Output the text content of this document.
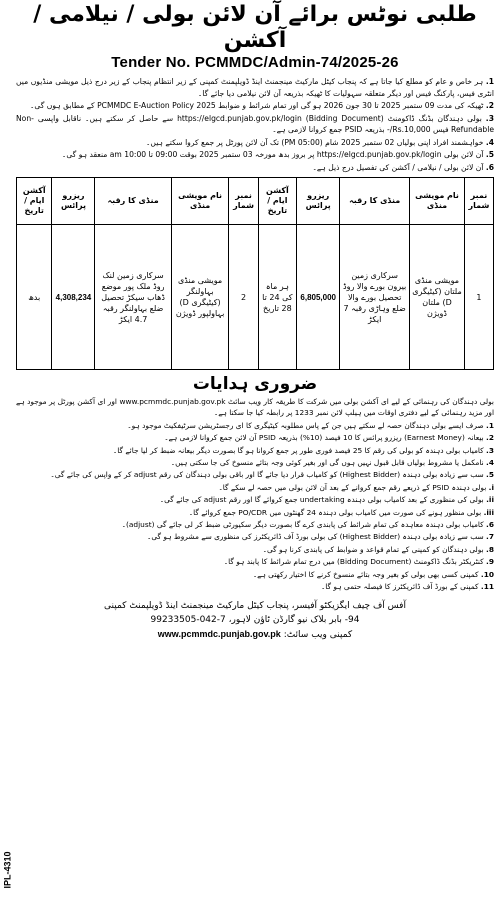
طلبی نوٹس برائے آن لائن بولی / نیلامی / آکشن
Tender No. PCMMDC/Admin-74/2025-26
1. ہر خاص و عام کو مطلع کیا جاتا ہے کہ پنجاب کیٹل مارکیٹ مینجمنٹ اینڈ ڈویلپمنٹ کمپنی کے زیر انتظام پنجاب کے زیر درج ذیل مویشی منڈیوں میں انٹری فیس، پارکنگ فیس اور دیگر متعلقہ سہولیات کا ٹھیکہ بذریعہ آن لائن نیلامی دیا جائے گا۔
2. ٹھیکہ کی مدت 09 ستمبر 2025 تا 30 جون 2026 ہو گی اور تمام شرائط و ضوابط PCMMDC E-Auction Policy 2025 کے مطابق ہوں گی۔
3. بولی دہندگان بڈنگ ڈاکومنٹ (Bidding Document) https://elgcd.punjab.gov.pk/login سے حاصل کر سکتے ہیں۔ ناقابل واپسی Non-Refundable فیس Rs.10,000/- بذریعہ PSID جمع کروانا لازمی ہے۔
4. خواہشمند افراد اپنی بولیاں 02 ستمبر 2025 شام (05:00 PM) تک آن لائن پورٹل پر جمع کروا سکتے ہیں۔
5. آن لائن بولی https://elgcd.punjab.gov.pk/login پر بروز بدھ مورخہ 03 ستمبر 2025 بوقت 09:00 تا 10:00 am منعقد ہو گی۔
6. آن لائن بولی / نیلامی / آکشن کی تفصیل درج ذیل ہے۔
نمبر شمار	نام مویشی منڈی	منڈی کا رقبہ	ریزرو پرائس	آکشن ایام / تاریخ	نمبر شمار	نام مویشی منڈی	منڈی کا رقبہ	ریزرو پرائس	آکشن ایام / تاریخ
1	مویشی منڈی ملتان (کیٹیگری D) ملتان ڈویژن	سرکاری زمین بیرون بورے والا روڈ تحصیل بورے والا ضلع وہاڑی رقبہ 7 ایکڑ	6,805,000	ہر ماہ کی 24 تا 28 تاریخ	2	مویشی منڈی بہاولنگر (کیٹیگری D) بہاولپور ڈویژن	سرکاری زمین لنک روڈ ملک پور موضع ڈھاب سیکڑ تحصیل ضلع بہاولنگر رقبہ 4.7 ایکڑ	4,308,234	بدھ
ضروری ہدایات
بولی دہندگان کی رہنمائی کے لیے ای آکشن بولی میں شرکت کا طریقہ کار ویب سائٹ www.pcmmdc.punjab.gov.pk اور ای آکشن پورٹل پر موجود ہے اور مزید رہنمائی کے لیے دفتری اوقات میں ہیلپ لائن نمبر 1233 پر رابطہ کیا جا سکتا ہے۔
1. صرف ایسے بولی دہندگان حصہ لے سکتے ہیں جن کے پاس مطلوبہ کیٹیگری کا ای رجسٹریشن سرٹیفکیٹ موجود ہو۔
2. بیعانہ (Earnest Money) ریزرو پرائس کا 10 فیصد (10%) بذریعہ PSID آن لائن جمع کروانا لازمی ہے۔
3. کامیاب بولی دہندہ کو بولی کی رقم کا 25 فیصد فوری طور پر جمع کروانا ہو گا بصورت دیگر بیعانہ ضبط کر لیا جائے گا۔
4. نامکمل یا مشروط بولیاں قابل قبول نہیں ہوں گی اور بغیر کوئی وجہ بتائے منسوخ کی جا سکتی ہیں۔
5. سب سے زیادہ بولی دہندہ (Highest Bidder) کو کامیاب قرار دیا جائے گا اور باقی بولی دہندگان کی رقم adjust کر کے واپس کی جائے گی۔
i. بولی دہندہ PSID کے ذریعے رقم جمع کروانے کے بعد آن لائن بولی میں حصہ لے سکے گا۔
ii. بولی کی منظوری کے بعد کامیاب بولی دہندہ undertaking جمع کروائے گا اور رقم adjust کی جائے گی۔
iii. بولی منظور ہونے کی صورت میں کامیاب بولی دہندہ 24 گھنٹوں میں PO/CDR جمع کروائے گا۔
6. کامیاب بولی دہندہ معاہدہ کی تمام شرائط کی پابندی کرے گا بصورت دیگر سکیورٹی ضبط کر لی جائے گی (adjust)۔
7. سب سے زیادہ بولی دہندہ (Highest Bidder) کی بولی بورڈ آف ڈائریکٹرز کی منظوری سے مشروط ہو گی۔
8. بولی دہندگان کو کمپنی کے تمام قواعد و ضوابط کی پابندی کرنا ہو گی۔
9. کنٹریکٹر بڈنگ ڈاکومنٹ (Bidding Document) میں درج تمام شرائط کا پابند ہو گا۔
10. کمپنی کسی بھی بولی کو بغیر وجہ بتائے منسوخ کرنے کا اختیار رکھتی ہے۔
11. کمپنی کے بورڈ آف ڈائریکٹرز کا فیصلہ حتمی ہو گا۔
آفس آف چیف ایگزیکٹو آفیسر، پنجاب کیٹل مارکیٹ مینجمنٹ اینڈ ڈویلپمنٹ کمپنی
94- بابر بلاک نیو گارڈن ٹاؤن لاہور، 7-042-99233505
کمپنی ویب سائٹ: www.pcmmdc.punjab.gov.pk
IPL-4310
